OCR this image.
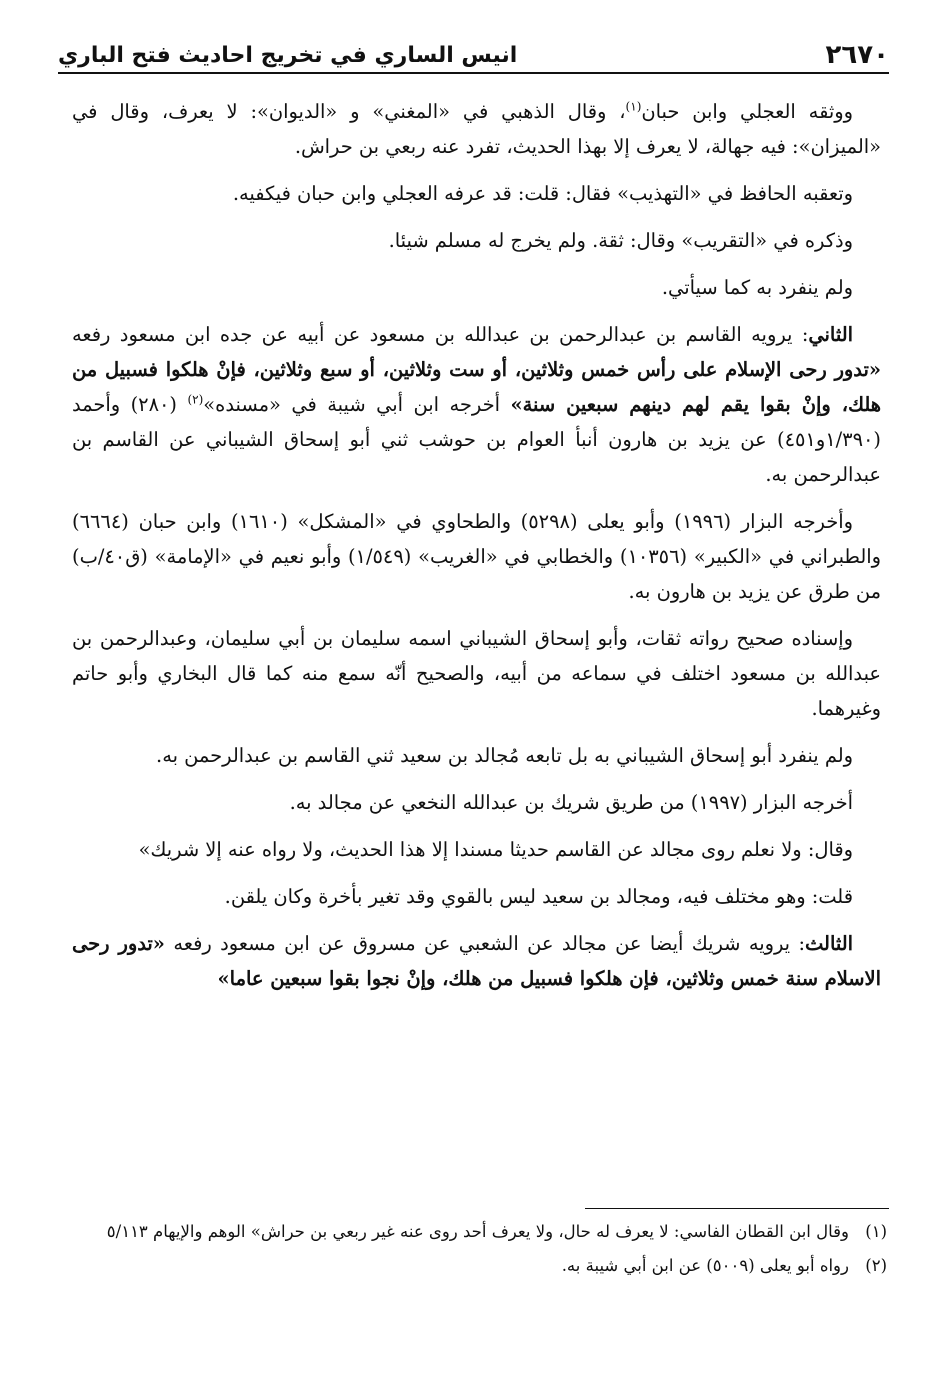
٢٦٧٠
انيس الساري في تخريج احاديث فتح الباري

ووثقه العجلي وابن حبان$^{(١)}$، وقال الذهبي في «المغني» و «الديوان»: لا يعرف، وقال في «الميزان»: فيه جهالة، لا يعرف إلا بهذا الحديث، تفرد عنه ربعي بن حراش.

وتعقبه الحافظ في «التهذيب» فقال: قلت: قد عرفه العجلي وابن حبان فيكفيه.

وذكره في «التقريب» وقال: ثقة. ولم يخرج له مسلم شيئا.

ولم ينفرد به كما سيأتي.

الثاني: يرويه القاسم بن عبدالرحمن بن عبدالله بن مسعود عن أبيه عن جده ابن مسعود رفعه «تدور رحى الإسلام على رأس خمس وثلاثين، أو ست وثلاثين، أو سبع وثلاثين، فإنْ هلكوا فسبيل من هلك، وإنْ بقوا يقم لهم دينهم سبعين سنة» أخرجه ابن أبي شيبة في «مسنده»$^{(٢)}$ (٢٨٠) وأحمد (١/٣٩٠و٤٥١) عن يزيد بن هارون أنبأ العوام بن حوشب ثني أبو إسحاق الشيباني عن القاسم بن عبدالرحمن به.

وأخرجه البزار (١٩٩٦) وأبو يعلى (٥٢٩٨) والطحاوي في «المشكل» (١٦١٠) وابن حبان (٦٦٦٤) والطبراني في «الكبير» (١٠٣٥٦) والخطابي في «الغريب» (١/٥٤٩) وأبو نعيم في «الإمامة» (ق٤٠/ب) من طرق عن يزيد بن هارون به.

وإسناده صحيح رواته ثقات، وأبو إسحاق الشيباني اسمه سليمان بن أبي سليمان، وعبدالرحمن بن عبدالله بن مسعود اختلف في سماعه من أبيه، والصحيح أنّه سمع منه كما قال البخاري وأبو حاتم وغيرهما.

ولم ينفرد أبو إسحاق الشيباني به بل تابعه مُجالد بن سعيد ثني القاسم بن عبدالرحمن به.

أخرجه البزار (١٩٩٧) من طريق شريك بن عبدالله النخعي عن مجالد به.

وقال: ولا نعلم روى مجالد عن القاسم حديثا مسندا إلا هذا الحديث، ولا رواه عنه إلا شريك»

قلت: وهو مختلف فيه، ومجالد بن سعيد ليس بالقوي وقد تغير بأخرة وكان يلقن.

الثالث: يرويه شريك أيضا عن مجالد عن الشعبي عن مسروق عن ابن مسعود رفعه «تدور رحى الاسلام سنة خمس وثلاثين، فإن هلكوا فسبيل من هلك، وإنْ نجوا بقوا سبعين عاما»

(١)
وقال ابن القطان الفاسي: لا يعرف له حال، ولا يعرف أحد روى عنه غير ربعي بن حراش» الوهم والإيهام ٥/١١٣
(٢)
رواه أبو يعلى (٥٠٠٩) عن ابن أبي شيبة به.
